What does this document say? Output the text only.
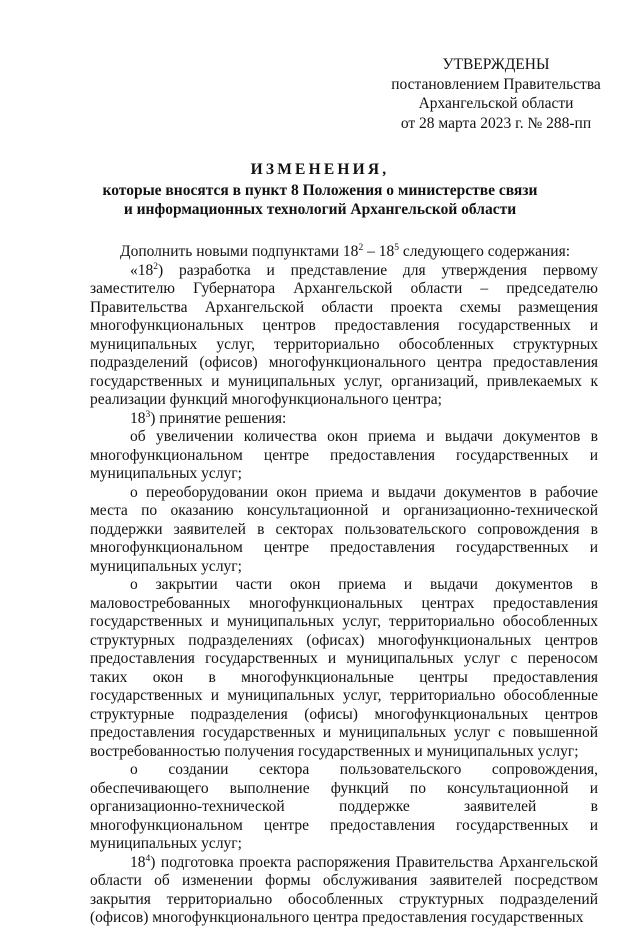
УТВЕРЖДЕНЫ
постановлением Правительства
Архангельской области
от 28 марта 2023 г. № 288-пп
ИЗМЕНЕНИЯ,
которые вносятся в пункт 8 Положения о министерстве связи
и информационных технологий Архангельской области

Дополнить новыми подпунктами $18^2 - 18^5$ следующего содержания:

«$18^2$) разработка и представление для утверждения первому заместителю Губернатора Архангельской области – председателю Правительства Архангельской области проекта схемы размещения многофункциональных центров предоставления государственных и муниципальных услуг, территориально обособленных структурных подразделений (офисов) многофункционального центра предоставления государственных и муниципальных услуг, организаций, привлекаемых к реализации функций многофункционального центра;

$18^3$) принятие решения:

об увеличении количества окон приема и выдачи документов в многофункциональном центре предоставления государственных и муниципальных услуг;

о переоборудовании окон приема и выдачи документов в рабочие места по оказанию консультационной и организационно-технической поддержки заявителей в секторах пользовательского сопровождения в многофункциональном центре предоставления государственных и муниципальных услуг;

о закрытии части окон приема и выдачи документов в маловостребованных многофункциональных центрах предоставления государственных и муниципальных услуг, территориально обособленных структурных подразделениях (офисах) многофункциональных центров предоставления государственных и муниципальных услуг с переносом таких окон в многофункциональные центры предоставления государственных и муниципальных услуг, территориально обособленные структурные подразделения (офисы) многофункциональных центров предоставления государственных и муниципальных услуг с повышенной востребованностью получения государственных и муниципальных услуг;

о создании сектора пользовательского сопровождения, обеспечивающего выполнение функций по консультационной и организационно-технической поддержке заявителей в многофункциональном центре предоставления государственных и муниципальных услуг;

$18^4$) подготовка проекта распоряжения Правительства Архангельской области об изменении формы обслуживания заявителей посредством закрытия территориально обособленных структурных подразделений (офисов) многофункционального центра предоставления государственных
